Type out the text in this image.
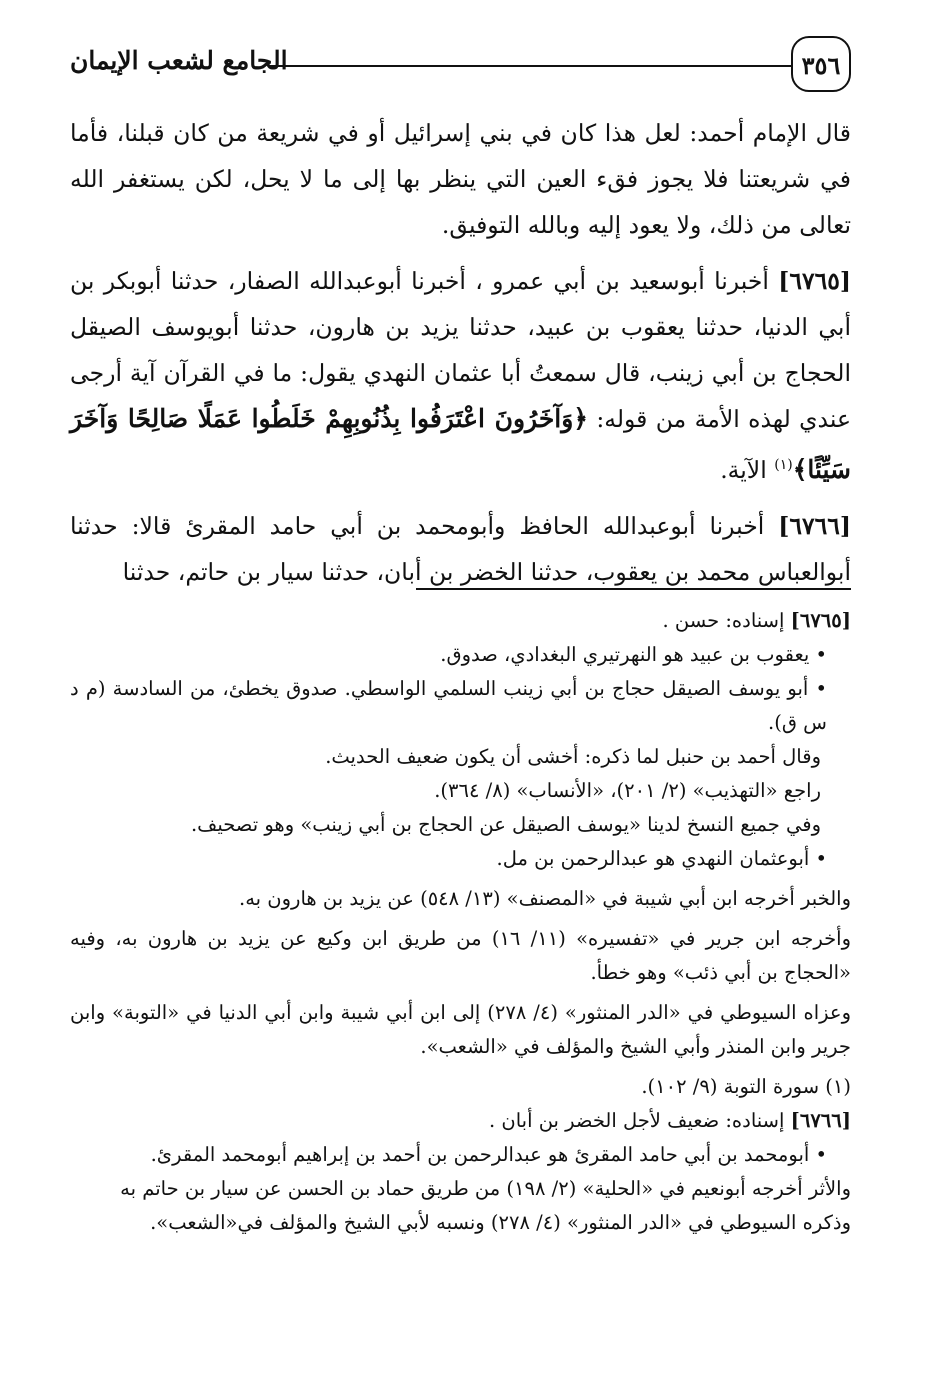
٣٥٦
الجامع لشعب الإيمان

قال الإمام أحمد: لعل هذا كان في بني إسرائيل أو في شريعة من كان قبلنا، فأما في شريعتنا فلا يجوز فقء العين التي ينظر بها إلى ما لا يحل، لكن يستغفر الله تعالى من ذلك، ولا يعود إليه وبالله التوفيق.

[٦٧٦٥] أخبرنا أبوسعيد بن أبي عمرو ، أخبرنا أبوعبدالله الصفار، حدثنا أبوبكر بن أبي الدنيا، حدثنا يعقوب بن عبيد، حدثنا يزيد بن هارون، حدثنا أبويوسف الصيقل الحجاج بن أبي زينب، قال سمعتُ أبا عثمان النهدي يقول: ما في القرآن آية أرجى عندي لهذه الأمة من قوله: ﴿وَآخَرُونَ اعْتَرَفُوا بِذُنُوبِهِمْ خَلَطُوا عَمَلًا صَالِحًا وَآخَرَ سَيِّئًا﴾$^{(١)}$ الآية.

[٦٧٦٦] أخبرنا أبوعبدالله الحافظ وأبومحمد بن أبي حامد المقرئ قالا: حدثنا أبوالعباس محمد بن يعقوب، حدثنا الخضر بن أبان، حدثنا سيار بن حاتم، حدثنا

[٦٧٦٥] إسناده: حسن .

• يعقوب بن عبيد هو النهرتيري البغدادي، صدوق.

• أبو يوسف الصيقل حجاج بن أبي زينب السلمي الواسطي. صدوق يخطئ، من السادسة (م د س ق).

وقال أحمد بن حنبل لما ذكره: أخشى أن يكون ضعيف الحديث.

راجع «التهذيب» (٢/ ٢٠١)، «الأنساب» (٨/ ٣٦٤).

وفي جميع النسخ لدينا «يوسف الصيقل عن الحجاج بن أبي زينب» وهو تصحيف.

• أبوعثمان النهدي هو عبدالرحمن بن مل.

والخبر أخرجه ابن أبي شيبة في «المصنف» (١٣/ ٥٤٨) عن يزيد بن هارون به.

وأخرجه ابن جرير في «تفسيره» (١١/ ١٦) من طريق ابن وكيع عن يزيد بن هارون به، وفيه «الحجاج بن أبي ذئب» وهو خطأ.

وعزاه السيوطي في «الدر المنثور» (٤/ ٢٧٨) إلى ابن أبي شيبة وابن أبي الدنيا في «التوبة» وابن جرير وابن المنذر وأبي الشيخ والمؤلف في «الشعب».

(١) سورة التوبة (٩/ ١٠٢).

[٦٧٦٦] إسناده: ضعيف لأجل الخضر بن أبان .

• أبومحمد بن أبي حامد المقرئ هو عبدالرحمن بن أحمد بن إبراهيم أبومحمد المقرئ.

والأثر أخرجه أبونعيم في «الحلية» (٢/ ١٩٨) من طريق حماد بن الحسن عن سيار بن حاتم به

وذكره السيوطي في «الدر المنثور» (٤/ ٢٧٨) ونسبه لأبي الشيخ والمؤلف في«الشعب».
